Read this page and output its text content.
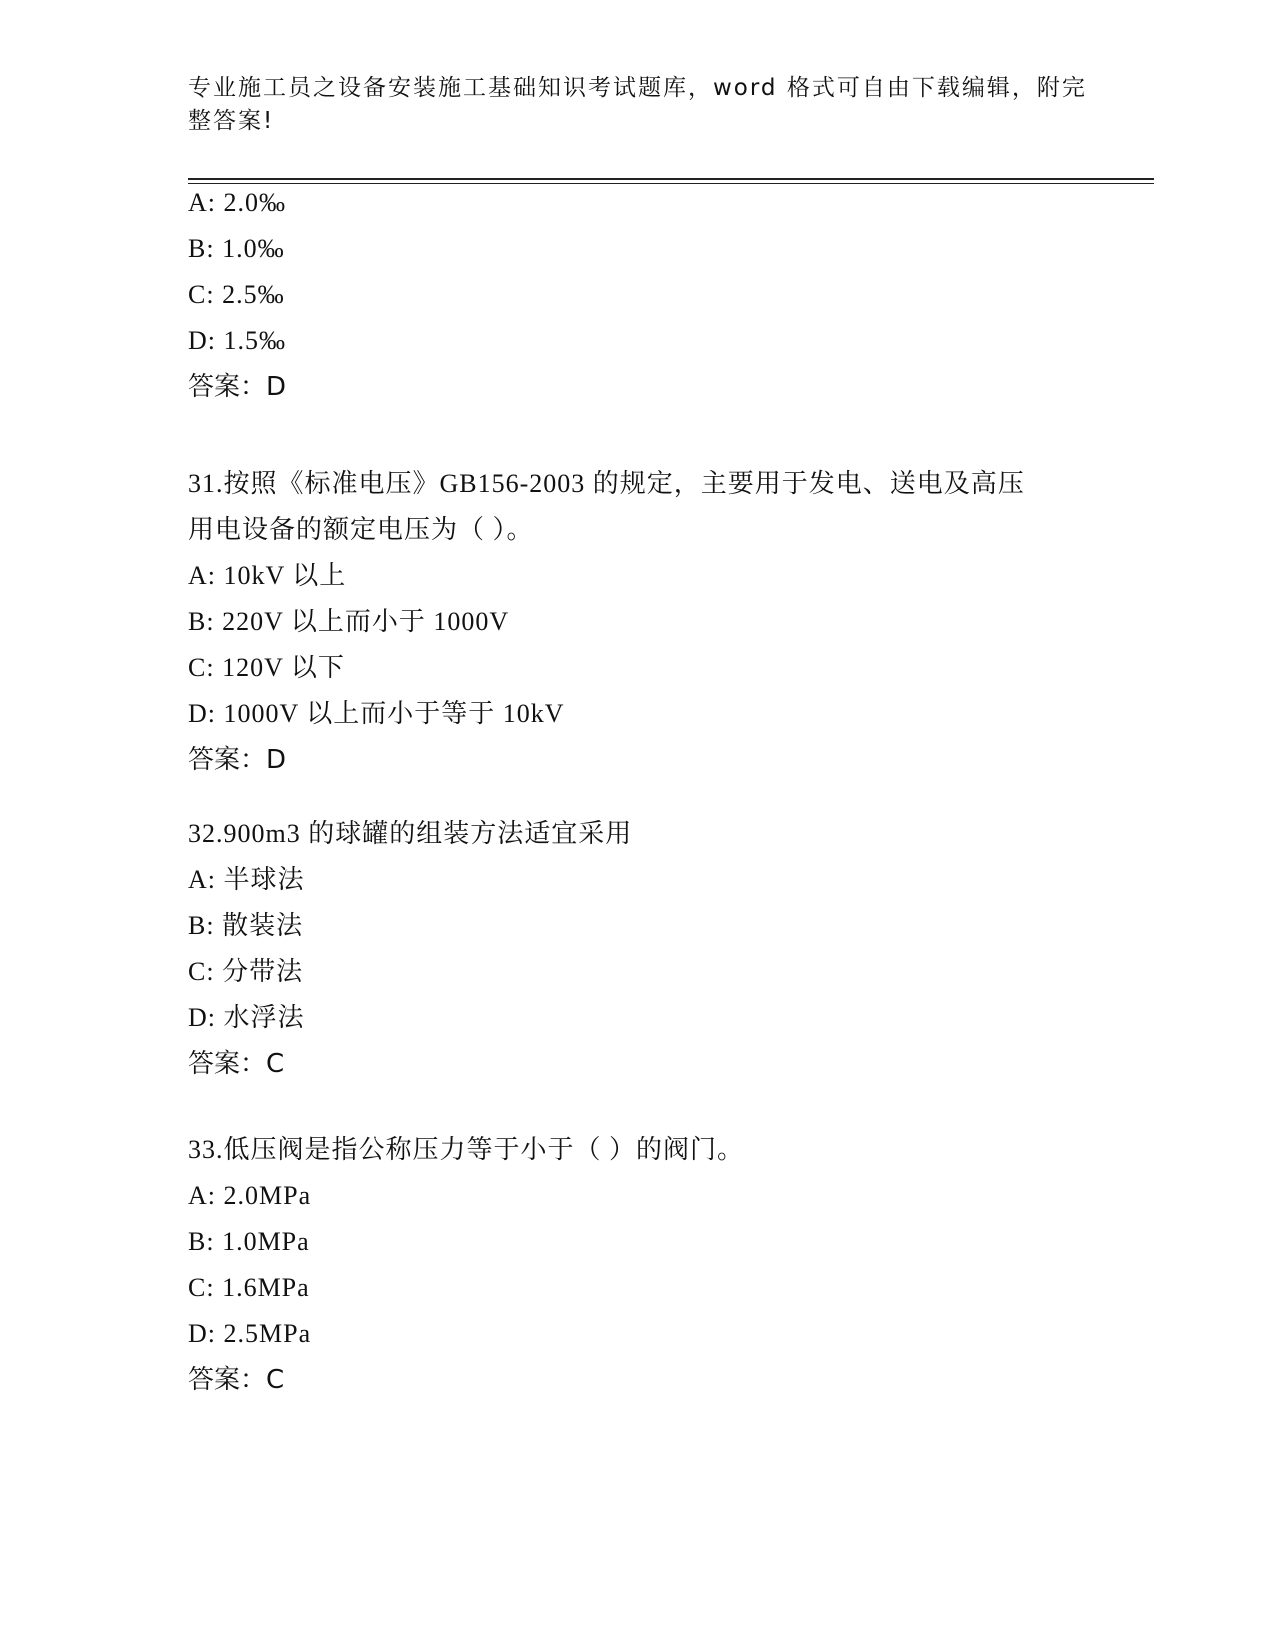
专业施工员之设备安装施工基础知识考试题库，word 格式可自由下载编辑，附完
整答案!
A: 2.0‰
B: 1.0‰
C: 2.5‰
D: 1.5‰
答案：D
31.按照《标准电压》GB156-2003 的规定，主要用于发电、送电及高压
用电设备的额定电压为（ ）。
A: 10kV 以上
B: 220V 以上而小于 1000V
C: 120V 以下
D: 1000V 以上而小于等于 10kV
答案：D
32.900m3 的球罐的组装方法适宜采用
A: 半球法
B: 散装法
C: 分带法
D: 水浮法
答案：C
33.低压阀是指公称压力等于小于（ ）的阀门。
A: 2.0MPa
B: 1.0MPa
C: 1.6MPa
D: 2.5MPa
答案：C
